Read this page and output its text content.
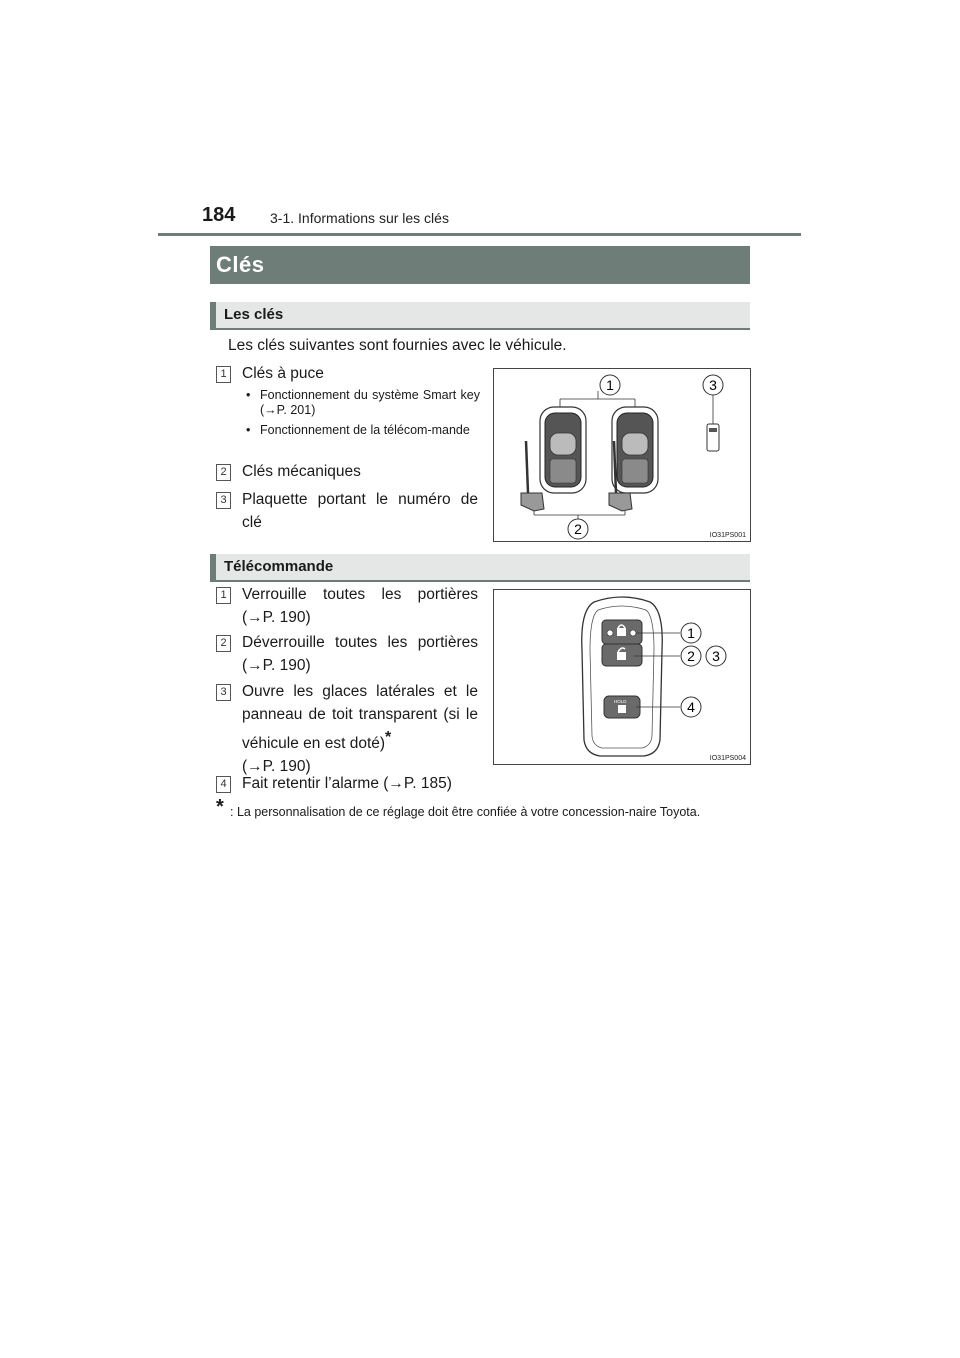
184 3-1. Informations sur les clés
Clés
Les clés
Les clés suivantes sont fournies avec le véhicule.
1 Clés à puce
• Fonctionnement du système Smart key (→P. 201)
• Fonctionnement de la télécom-mande
2 Clés mécaniques
3 Plaquette portant le numéro de clé
1	3
2	IO31PS001
Télécommande
1 Verrouille toutes les portières (→P. 190)
2 Déverrouille toutes les portières (→P. 190)
3 Ouvre les glaces latérales et le panneau de toit transparent (si le véhicule en est doté)*
(→P. 190)
4 Fait retentir l’alarme (→P. 185)
HOLD
1
2 3
4
IO31PS004
* : La personnalisation de ce réglage doit être confiée à votre concession-naire Toyota.
